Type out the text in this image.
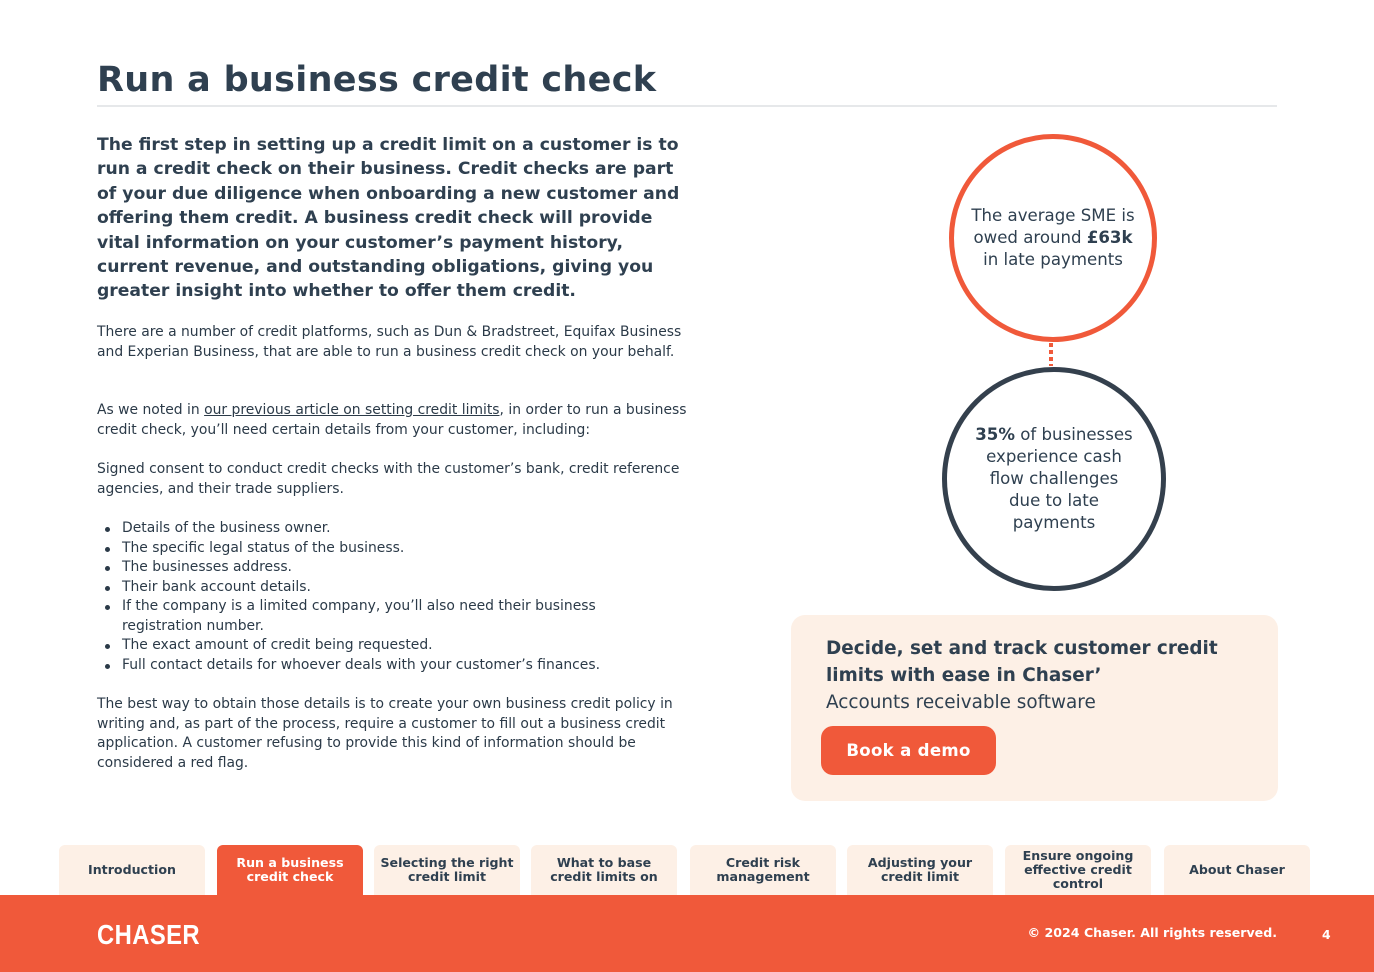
Run a business credit check

The first step in setting up a credit limit on a customer is to run a credit check on their business. Credit checks are part of your due diligence when onboarding a new customer and offering them credit. A business credit check will provide vital information on your customer’s payment history, current revenue, and outstanding obligations, giving you greater insight into whether to offer them credit.

There are a number of credit platforms, such as Dun & Bradstreet, Equifax Business and Experian Business, that are able to run a business credit check on your behalf.

As we noted in our previous article on setting credit limits, in order to run a business credit check, you’ll need certain details from your customer, including:

Signed consent to conduct credit checks with the customer’s bank, credit reference agencies, and their trade suppliers.

Details of the business owner.
The specific legal status of the business.
The businesses address.
Their bank account details.
If the company is a limited company, you’ll also need their business registration number.
The exact amount of credit being requested.
Full contact details for whoever deals with your customer’s finances.

The best way to obtain those details is to create your own business credit policy in writing and, as part of the process, require a customer to fill out a business credit application. A customer refusing to provide this kind of information should be considered a red flag.

The average SME is owed around £63k in late payments
35% of businesses experience cash flow challenges due to late payments
Decide, set and track customer credit limits with ease in Chaser’
Accounts receivable software
Book a demo
Introduction	Run a business credit check
Selecting the right credit limit
What to base credit limits on
Credit risk management
Adjusting your credit limit
Ensure ongoing effective credit control
About Chaser
CHASER	© 2024 Chaser. All rights reserved.	4
